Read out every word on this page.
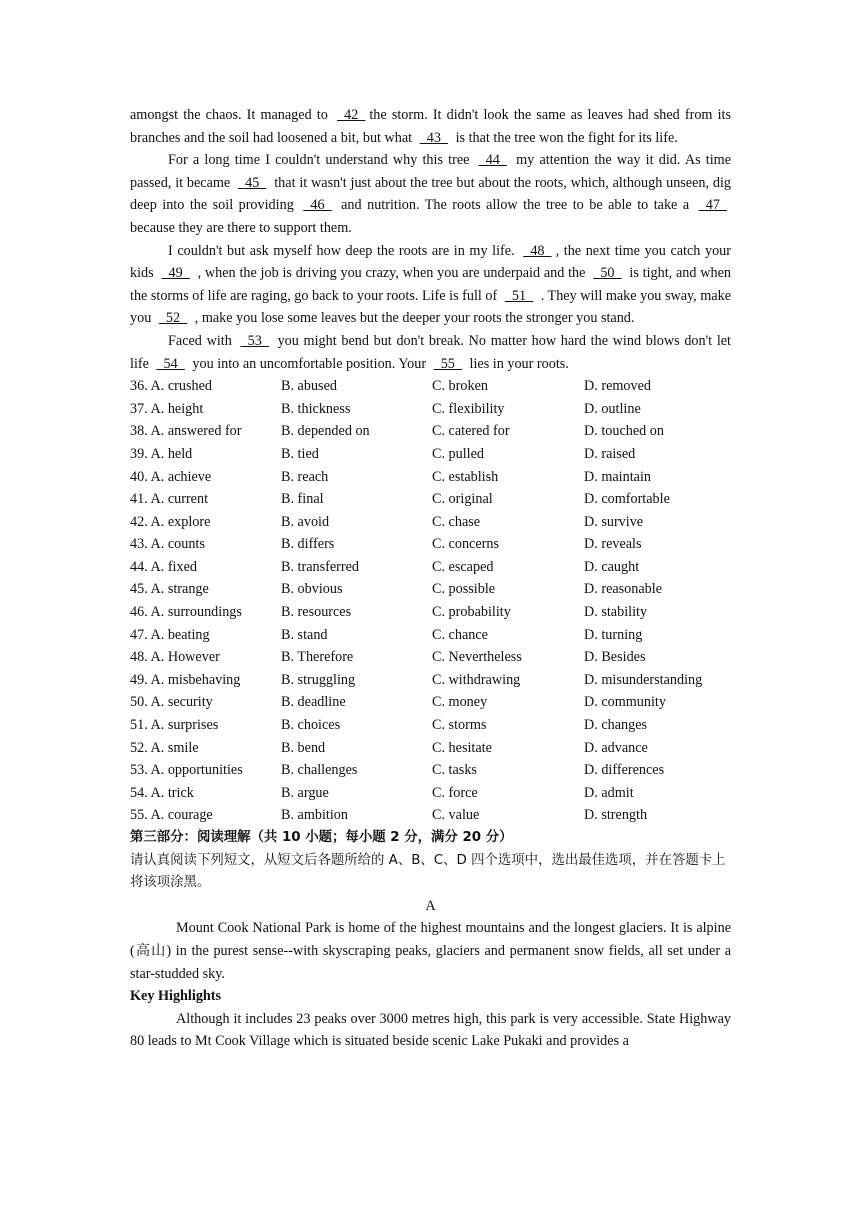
amongst the chaos. It managed to   42  the storm. It didn't look the same as leaves had shed from its branches and the soil had loosened a bit, but what   43   is that the tree won the fight for its life.

For a long time I couldn't understand why this tree   44   my attention the way it did. As time passed, it became   45   that it wasn't just about the tree but about the roots, which, although unseen, dig deep into the soil providing   46   and nutrition. The roots allow the tree to be able to take a   47   because they are there to support them.

I couldn't but ask myself how deep the roots are in my life.   48  , the next time you catch your kids   49   , when the job is driving you crazy, when you are underpaid and the   50   is tight, and when the storms of life are raging, go back to your roots. Life is full of   51   . They will make you sway, make you   52   , make you lose some leaves but the deeper your roots the stronger you stand.

Faced with   53   you might bend but don't break. No matter how hard the wind blows don't let life   54   you into an uncomfortable position. Your   55   lies in your roots.

36. A. crushed	B. abused	C. broken	D. removed
37. A. height	B. thickness	C. flexibility	D. outline
38. A. answered for	B. depended on	C. catered for	D. touched on
39. A. held	B. tied	C. pulled	D. raised
40. A. achieve	B. reach	C. establish	D. maintain
41. A. current	B. final	C. original	D. comfortable
42. A. explore	B. avoid	C. chase	D. survive
43. A. counts	B. differs	C. concerns	D. reveals
44. A. fixed	B. transferred	C. escaped	D. caught
45. A. strange	B. obvious	C. possible	D. reasonable
46. A. surroundings	B. resources	C. probability	D. stability
47. A. beating	B. stand	C. chance	D. turning
48. A. However	B. Therefore	C. Nevertheless	D. Besides
49. A. misbehaving	B. struggling	C. withdrawing	D. misunderstanding
50. A. security	B. deadline	C. money	D. community
51. A. surprises	B. choices	C. storms	D. changes
52. A. smile	B. bend	C. hesitate	D. advance
53. A. opportunities	B. challenges	C. tasks	D. differences
54. A. trick	B. argue	C. force	D. admit
55. A. courage	B. ambition	C. value	D. strength

第三部分：阅读理解（共 10 小题；每小题 2 分，满分 20 分）

请认真阅读下列短文，从短文后各题所给的 A、B、C、D 四个选项中，选出最佳选项，并在答题卡上将该项涂黑。

A

Mount Cook National Park is home of the highest mountains and the longest glaciers. It is alpine (高山) in the purest sense--with skyscraping peaks, glaciers and permanent snow fields, all set under a star-studded sky.

Key Highlights

Although it includes 23 peaks over 3000 metres high, this park is very accessible. State Highway 80 leads to Mt Cook Village which is situated beside scenic Lake Pukaki and provides a
